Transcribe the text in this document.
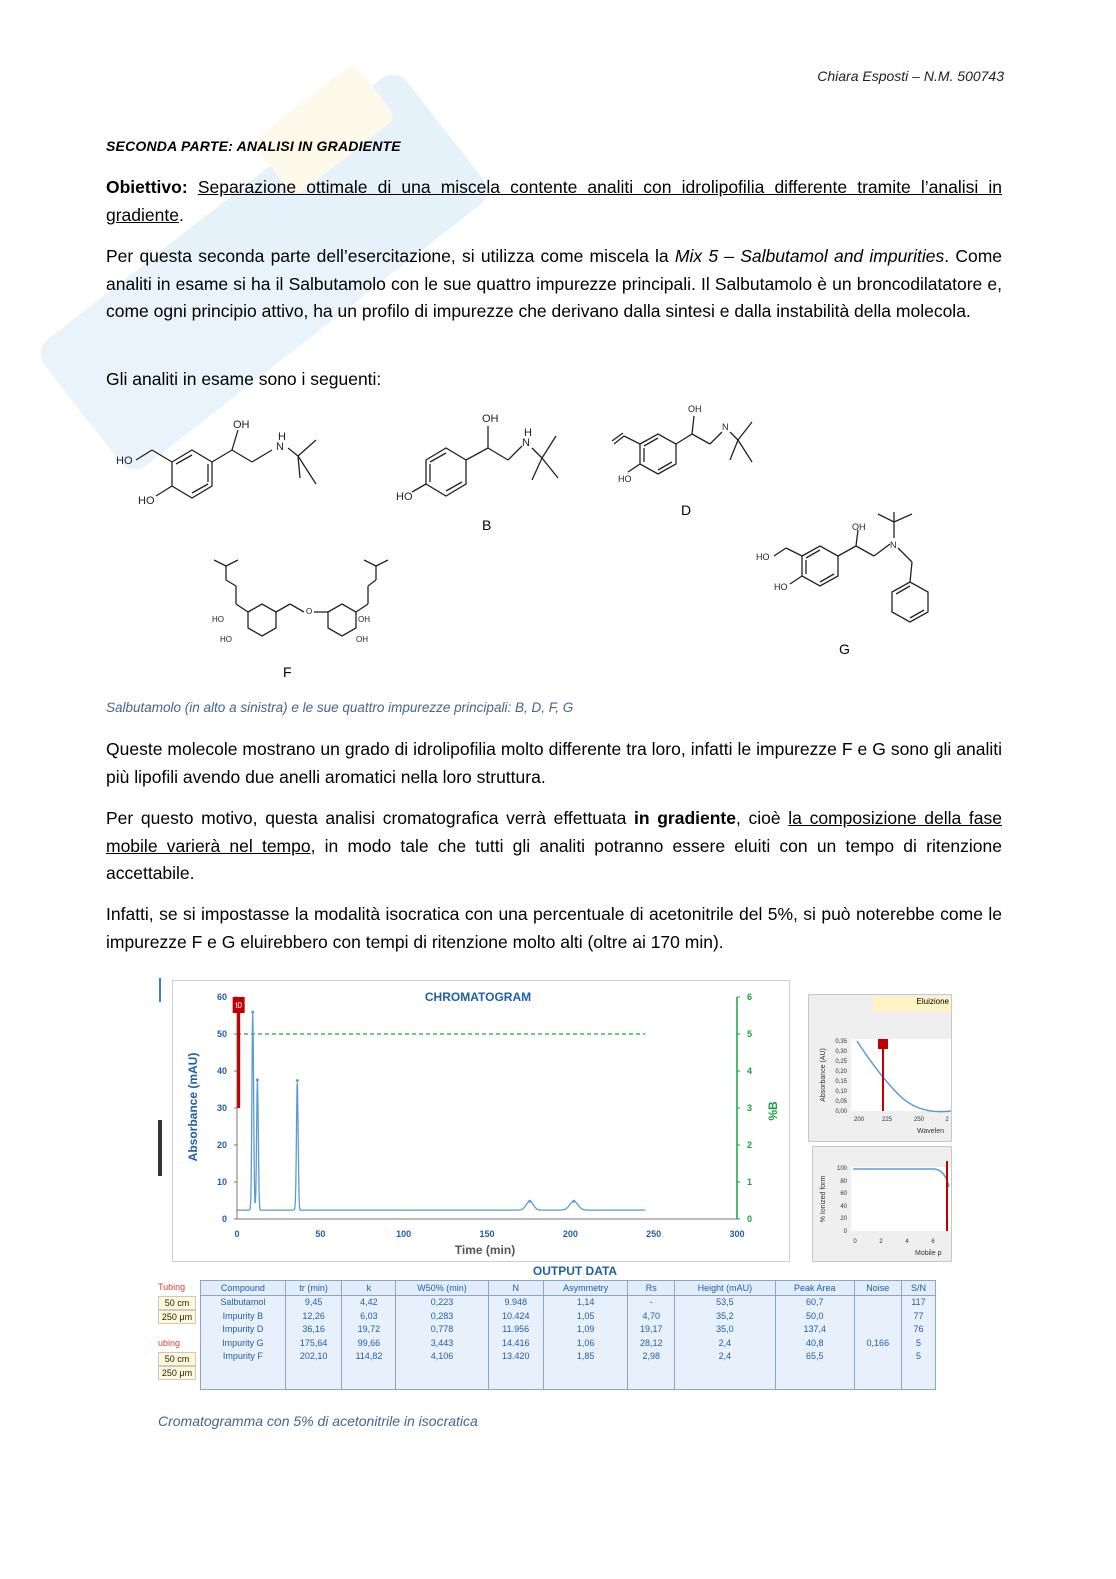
Chiara Esposti – N.M. 500743
SECONDA PARTE: ANALISI IN GRADIENTE
Obiettivo: Separazione ottimale di una miscela contente analiti con idrolipofilia differente tramite l’analisi in gradiente.
Per questa seconda parte dell’esercitazione, si utilizza come miscela la Mix 5 – Salbutamol and impurities. Come analiti in esame si ha il Salbutamolo con le sue quattro impurezze principali. Il Salbutamolo è un broncodilatatore e, come ogni principio attivo, ha un profilo di impurezze che derivano dalla sintesi e dalla instabilità della molecola.
Gli analiti in esame sono i seguenti:
HO
HO
OH
N
H
HO
OH
N
H
B
HO
OH
N
D
HO
HO
OH
N
G
HO
HO
OH
OH
O
F
Salbutamolo (in alto a sinistra) e le sue quattro impurezze principali: B, D, F, G
Queste molecole mostrano un grado di idrolipofilia molto differente tra loro, infatti le impurezze F e G sono gli analiti più lipofili avendo due anelli aromatici nella loro struttura.
Per questo motivo, questa analisi cromatografica verrà effettuata in gradiente, cioè la composizione della fase mobile varierà nel tempo, in modo tale che tutti gli analiti potranno essere eluiti con un tempo di ritenzione accettabile.
Infatti, se si impostasse la modalità isocratica con una percentuale di acetonitrile del 5%, si può noterebbe come le impurezze F e G eluirebbero con tempi di ritenzione molto alti (oltre ai 170 min).
CHROMATOGRAM
Absorbance (mAU)	%B
Time (min)
0
10
20
30
40
50
60
0
1
2
3
4
5
6
0	50	100	150	200	250	300
t0	Eluizione
Absorbance (AU)
0,35
0,30
0,25
0,20
0,15
0,10
0,05
0,00
200	225	250	2
Wavelen
% Ionized form
100
80
60
40
20
0
0	2	4	6
Mobile p
OUTPUT DATA
Tubing
50 cm
250 μm
ubing
50 cm
250 μm
Compound	tr (min)	k	W50% (min)	N	Asymmetry	Rs	Height (mAU)	Peak Area	Noise	S/N
Salbutamol	9,45	4,42	0,223	9.948	1,14	-	53,5	60,7		117
Impurity B	12,26	6,03	0,283	10.424	1,05	4,70	35,2	50,0		77
Impurity D	36,16	19,72	0,778	11.956	1,09	19,17	35,0	137,4		76
Impurity G	175,64	99,66	3,443	14.416	1,06	28,12	2,4	40,8	0,166	5
Impurity F	202,10	114,82	4,106	13.420	1,85	2,98	2,4	65,5		5

Cromatogramma con 5% di acetonitrile in isocratica
